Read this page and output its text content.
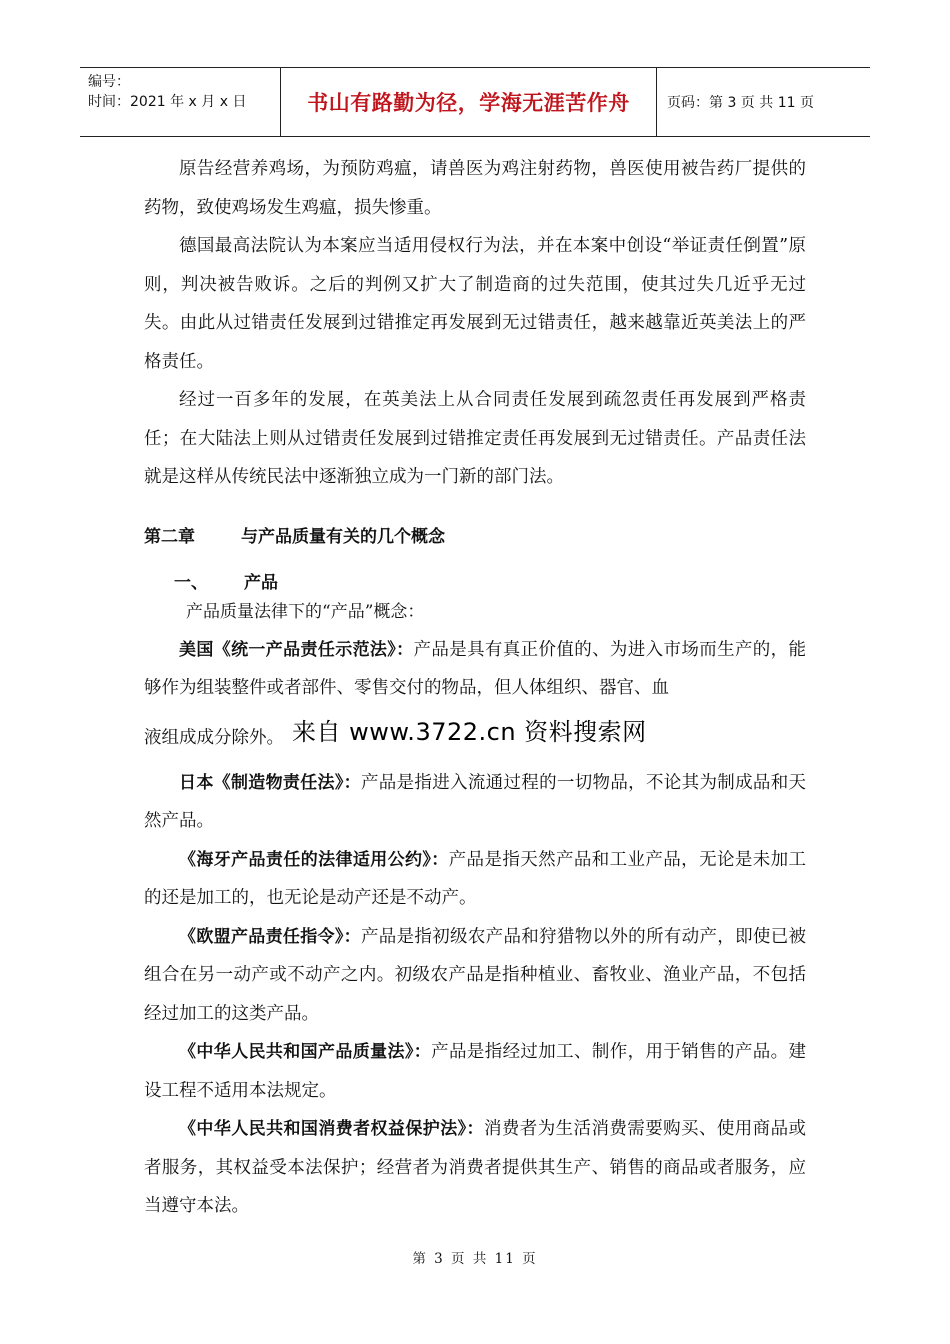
编号：
时间：2021 年 x 月 x 日	书山有路勤为径，学海无涯苦作舟	页码：第 3 页 共 11 页

原告经营养鸡场，为预防鸡瘟，请兽医为鸡注射药物，兽医使用被告药厂提供的药物，致使鸡场发生鸡瘟，损失惨重。

德国最高法院认为本案应当适用侵权行为法，并在本案中创设“举证责任倒置”原则，判决被告败诉。之后的判例又扩大了制造商的过失范围，使其过失几近乎无过失。由此从过错责任发展到过错推定再发展到无过错责任，越来越靠近英美法上的严格责任。

经过一百多年的发展，在英美法上从合同责任发展到疏忽责任再发展到严格责任；在大陆法上则从过错责任发展到过错推定责任再发展到无过错责任。产品责任法就是这样从传统民法中逐渐独立成为一门新的部门法。

第二章	与产品质量有关的几个概念
一、	产品
产品质量法律下的“产品”概念：

美国《统一产品责任示范法》：产品是具有真正价值的、为进入市场而生产的，能够作为组装整件或者部件、零售交付的物品，但人体组织、器官、血

液组成成分除外。 来自 www.3722.cn 资料搜索网

日本《制造物责任法》：产品是指进入流通过程的一切物品，不论其为制成品和天然产品。

《海牙产品责任的法律适用公约》：产品是指天然产品和工业产品，无论是未加工的还是加工的，也无论是动产还是不动产。

《欧盟产品责任指令》：产品是指初级农产品和狩猎物以外的所有动产，即使已被组合在另一动产或不动产之内。初级农产品是指种植业、畜牧业、渔业产品，不包括经过加工的这类产品。

《中华人民共和国产品质量法》：产品是指经过加工、制作，用于销售的产品。建设工程不适用本法规定。

《中华人民共和国消费者权益保护法》：消费者为生活消费需要购买、使用商品或者服务，其权益受本法保护；经营者为消费者提供其生产、销售的商品或者服务，应当遵守本法。

第 3 页 共 11 页
